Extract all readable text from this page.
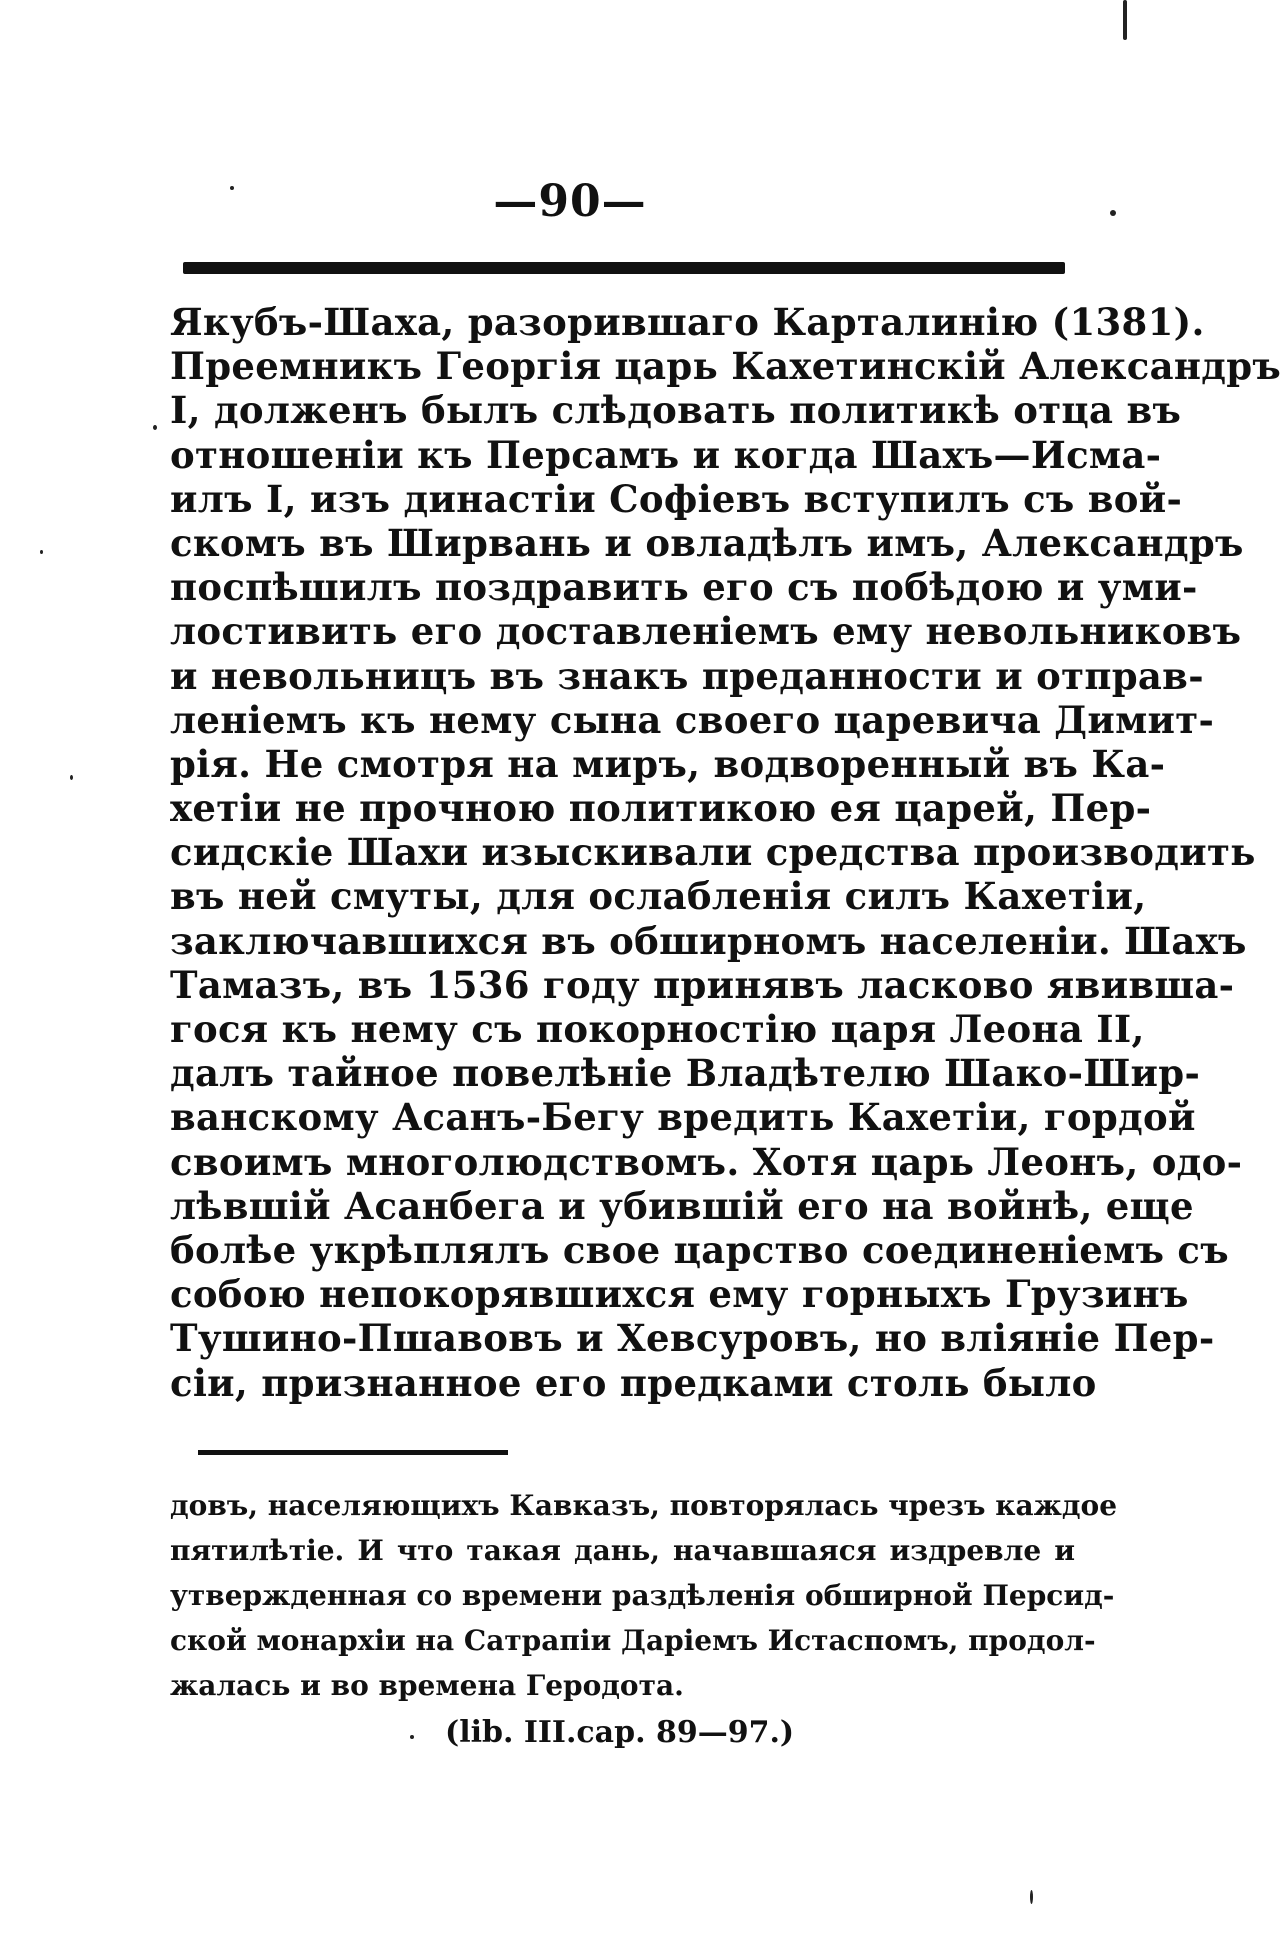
—90—
Якубъ-Шаха, разорившаго Карталинію (1381).
Преемникъ Георгія царь Кахетинскій Александръ
I, долженъ былъ слѣдовать политикѣ отца въ
отношеніи къ Персамъ и когда Шахъ—Исма-
илъ I, изъ династіи Софіевъ вступилъ съ вой-
скомъ въ Ширвань и овладѣлъ имъ, Александръ
поспѣшилъ поздравить его съ побѣдою и уми-
лостивить его доставленіемъ ему невольниковъ
и невольницъ въ знакъ преданности и отправ-
леніемъ къ нему сына своего царевича Димит-
рія. Не смотря на миръ, водворенный въ Ка-
хетіи не прочною политикою ея царей, Пер-
сидскіе Шахи изыскивали средства производить
въ ней смуты, для ослабленія силъ Кахетіи,
заключавшихся въ обширномъ населеніи. Шахъ
Тамазъ, въ 1536 году принявъ ласково явивша-
гося къ нему съ покорностію царя Леона II,
далъ тайное повелѣніе Владѣтелю Шако-Шир-
ванскому Асанъ-Бегу вредить Кахетіи, гордой
своимъ многолюдствомъ. Хотя царь Леонъ, одо-
лѣвшій Асанбега и убившій его на войнѣ, еще
болѣе укрѣплялъ свое царство соединеніемъ съ
собою непокорявшихся ему горныхъ Грузинъ
Тушино-Пшавовъ и Хевсуровъ, но вліяніе Пер-
сіи, признанное его предками столь было
довъ, населяющихъ Кавказъ, повторялась чрезъ каждое
пятилѣтіе. И что такая дань, начавшаяся издревле и
утвержденная со времени раздѣленія обширной Персид-
ской монархіи на Сатрапіи Даріемъ Истаспомъ, продол-
жалась и во времена Геродота.
(lib. III.cap. 89—97.)
